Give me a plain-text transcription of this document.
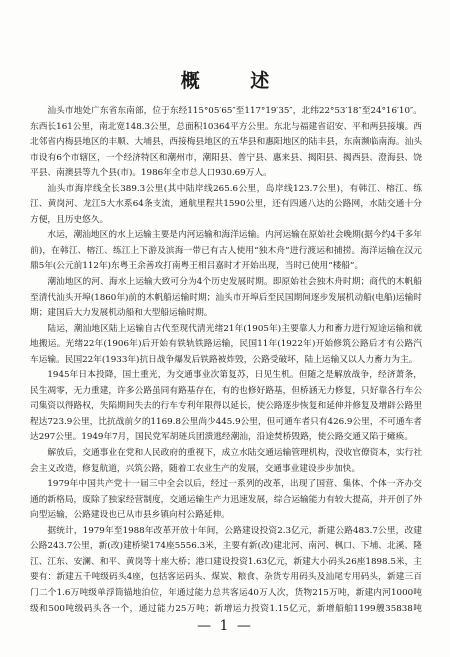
概 述

汕头市地处广东省东南部，位于东经115°05′65″至117°19′35″，北纬22°53′18″至24°16′10″。东西长161公里，南北宽148.3公里，总面积10364平方公里。东北与福建省诏安、平和两县接壤。西北邻省内梅县地区的丰顺、大埔县，西接梅县地区的五华县和惠阳地区的陆丰县，东南濒临南海。汕头市设有6个市辖区，一个经济特区和潮州市，潮阳县、普宁县、惠来县、揭阳县、揭西县、澄海县、饶平县、南澳县等九个县(市)。1986年全市总人口930.69万人。

汕头市海岸线全长389.3公里(其中陆岸线265.6公里，岛岸线123.7公里)，有韩江、榕江、练江、黄岗河、龙江5大水系64条支流，通航里程共1590公里，还有四通八达的公路网，水陆交通十分方便，且历史悠久。

水运，潮汕地区的水上运输主要是内河运输和海洋运输。内河运输在原始社会晚期(据今约4千多年前)，在韩江、榕江、练江上下游及滨海一带已有古人使用“独木舟”进行渡运和捕捞。海洋运输在汉元鼎5年(公元前112年)东粤王余善攻打南粤王相吕嘉时才开始出现，当时已使用“楼船”。

潮汕地区的河、海水上运输大致可分为4个历史发展时期。即原始社会独木舟时期；商代的木帆船至清代汕头开埠(1860年)前的木帆船运输时期；汕头市开埠后至民国期间逐步发展机动船(电船)运输时期；建国后大力发展机动船和大型船运输时期。

陆运，潮汕地区陆上运输自古代至现代清光绪21年(1905年)主要靠人力和畜力进行短途运输和就地搬运。光绪22年(1906年)后开始有铁轨铁路运输，民国11年(1922年)开始修筑公路后才有公路汽车运输。民国22年(1933年)抗日战争爆发后铁路被炸毁，公路受破坏，陆上运输又以人力畜力为主。

1945年日本投降，国土重光，为交通事业次第复苏，日见生机。但随之是解放战争，经济萧条，民生凋零，无力重建，许多公路虽同有路基存在，有的也修好路基，但桥涵无力修复，只好靠各行车公司集资以得路权，失陷期间失去的行车专利年限得以延长，使公路逐步恢复和延伸并修复及增辟公路里程达723.9公里，比抗战前夕的1169.8公里尚少445.9公里，但可通车者只有426.9公里，不可通车者达297公里。1949年7月，国民党军胡琏兵团溃逃经潮汕，沿途焚桥毁路，使公路交通又陷于瘫痪。

解放后，交通事业在党和人民政府的重视下，成立水陆交通运输管理机构，没收官僚资本，实行社会主义改造，修复航道，兴筑公路，随着工农业生产的发展，交通事业建设步步加快。

1979年中国共产党十一届三中全会以后，经过一系列的改革，出现了国营、集体、个体一齐办交通的新格局，废除了独家经营制度，交通运输生产力迅速发展，综合运输能力有较大提高，并开创了外向型运输，公路建设也已从市县乡镇向村公路延伸。

据统计，1979年至1988年改革开放十年间，公路建设投资2.3亿元，新建公路483.7公里，改建公路243.7公里，新(改)建桥梁174座5556.3米，主要有新(改)建北河、南河、枫口、下埔、北溪、隆江、江东、安澜、和平、黄岗等十座大桥；港口建设投资1.63亿元，新建大小码头26座1898.5米，主要有：新建五千吨级码头4座，包括客运码头、煤炭、粮食、杂货专用码头及汕尾专用码头，新建三百门二个1.6万吨级单浮筒锚地泊位，年通过能力总共客运40万人次，货物215万吨，新建内河1000吨级和500吨级码头各一个，通过能力25万吨；新增运力投资1.15亿元，新增船舶1199艘35838吨

— 1 —
